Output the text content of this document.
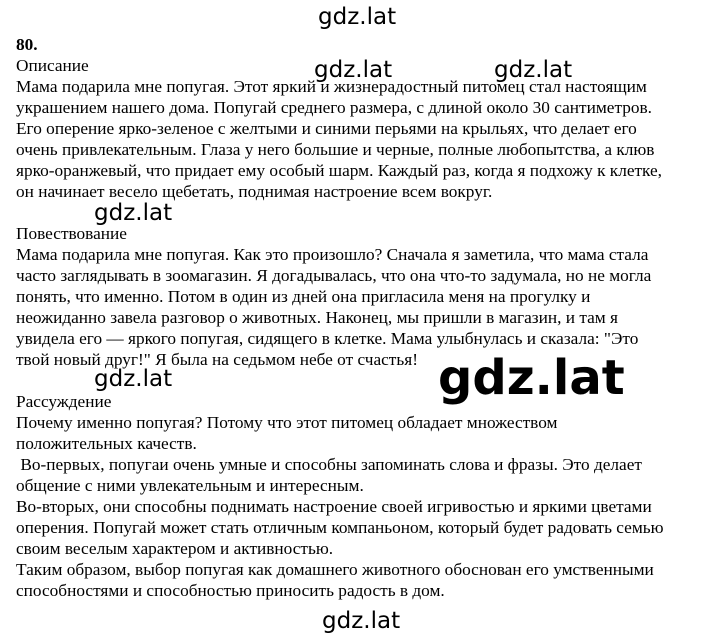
gdz.lat
gdz.lat	gdz.lat
gdz.lat
gdz.lat	gdz.lat
gdz.lat
80.
Описание
Мама подарила мне попугая. Этот яркий и жизнерадостный питомец стал настоящим
украшением нашего дома. Попугай среднего размера, с длиной около 30 сантиметров.
Его оперение ярко-зеленое с желтыми и синими перьями на крыльях, что делает его
очень привлекательным. Глаза у него большие и черные, полные любопытства, а клюв
ярко-оранжевый, что придает ему особый шарм. Каждый раз, когда я подхожу к клетке,
он начинает весело щебетать, поднимая настроение всем вокруг.
Повествование
Мама подарила мне попугая. Как это произошло? Сначала я заметила, что мама стала
часто заглядывать в зоомагазин. Я догадывалась, что она что-то задумала, но не могла
понять, что именно. Потом в один из дней она пригласила меня на прогулку и
неожиданно завела разговор о животных. Наконец, мы пришли в магазин, и там я
увидела его — яркого попугая, сидящего в клетке. Мама улыбнулась и сказала: "Это
твой новый друг!" Я была на седьмом небе от счастья!
Рассуждение
Почему именно попугая? Потому что этот питомец обладает множеством
положительных качеств.
Во-первых, попугаи очень умные и способны запоминать слова и фразы. Это делает
общение с ними увлекательным и интересным.
Во-вторых, они способны поднимать настроение своей игривостью и яркими цветами
оперения. Попугай может стать отличным компаньоном, который будет радовать семью
своим веселым характером и активностью.
Таким образом, выбор попугая как домашнего животного обоснован его умственными
способностями и способностью приносить радость в дом.
